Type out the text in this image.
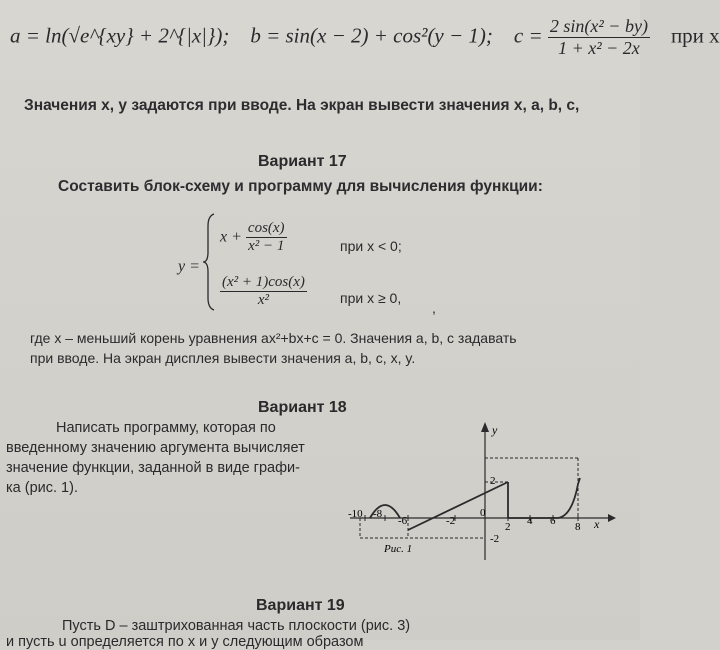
a = ln(√e^{xy} + 2^{|x|}); b = sin(x − 2) + cos²(y − 1); $c = \frac{\text{2 sin(x² − by)}}{\text{1 + x² − 2x}}$ при x
Значения x, y задаются при вводе. На экран вывести значения x, a, b, c,
Вариант 17
Составить блок-схему и программу для вычисления функции:
y =
$x + \frac{\cos(x)}{\text{x² − 1}}$	при x < 0;
$\frac{\text{(x² + 1)cos(x)}}{\text{x²}}$ при x ≥ 0,
,
где x – меньший корень уравнения ax²+bx+c = 0. Значения a, b, c задавать
при вводе. На экран дисплея вывести значения a, b, c, x, y.
Вариант 18
Написать программу, которая по
введенному значению аргумента вычисляет
значение функции, заданной в виде графи-
ка (рис. 1).
y
x
-10 -8
-6	-2
0
2 4 6 8
2
-2
Рис. 1
Вариант 19
Пусть D – заштрихованная часть плоскости (рис. 3)
и пусть u определяется по x и y следующим образом
